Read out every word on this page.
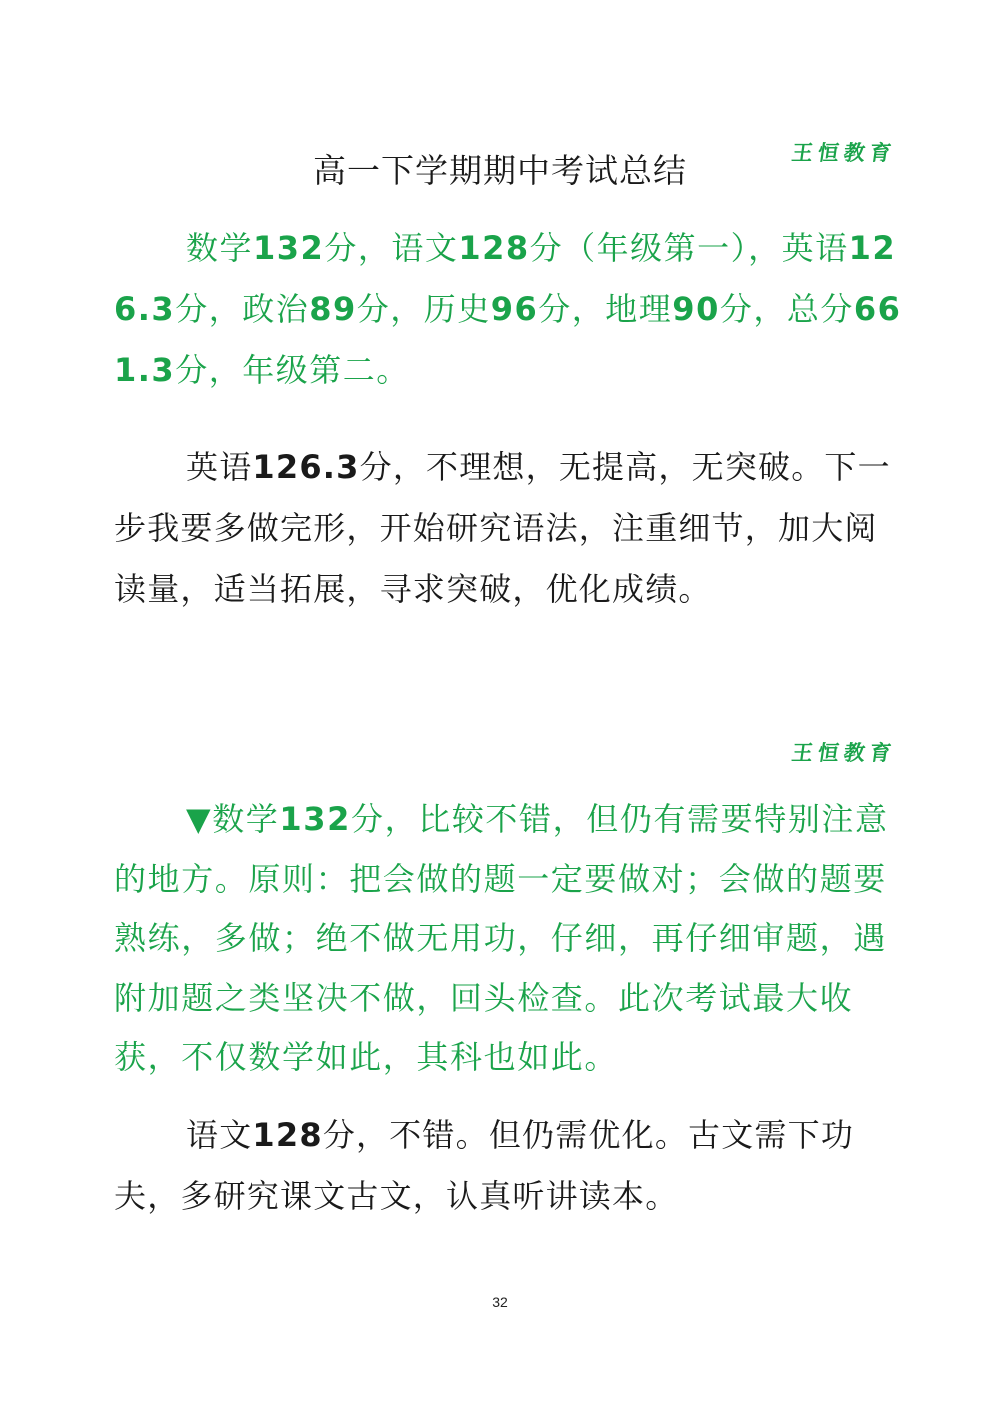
王恒教育
高一下学期期中考试总结
数学132分，语文128分（年级第一），英语126.3分，政治89分，历史96分，地理90分，总分661.3分，年级第二。
英语126.3分，不理想，无提高，无突破。下一步我要多做完形，开始研究语法，注重细节，加大阅读量，适当拓展，寻求突破，优化成绩。
王恒教育
▼数学132分，比较不错，但仍有需要特别注意的地方。原则：把会做的题一定要做对；会做的题要熟练，多做；绝不做无用功，仔细，再仔细审题，遇附加题之类坚决不做，回头检查。此次考试最大收获，不仅数学如此，其科也如此。
语文128分，不错。但仍需优化。古文需下功夫，多研究课文古文，认真听讲读本。
32
